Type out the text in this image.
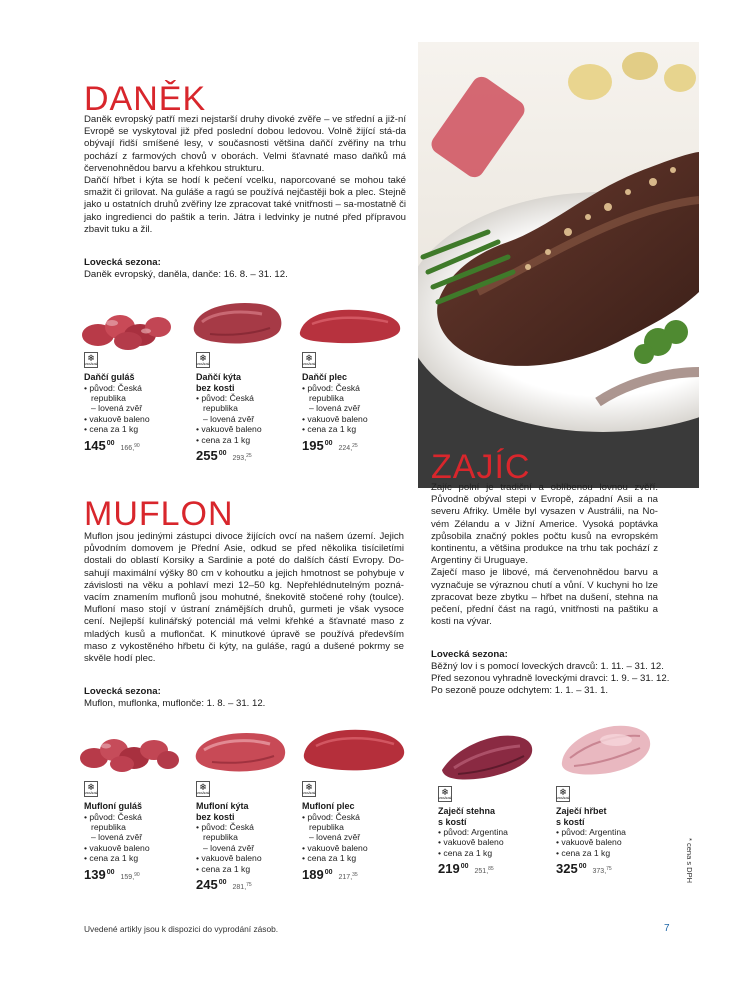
DANĚK

Daněk evropský patří mezi nejstarší druhy divoké zvěře – ve střední a již-ní Evropě se vyskytoval již před poslední dobou ledovou. Volně žijící stá-da obývají řidší smíšené lesy, v současnosti většina daňčí zvěřiny na trhu pochází z farmových chovů v oborách. Velmi šťavnaté maso daňků má červenohnědou barvu a křehkou strukturu.

Daňčí hřbet i kýta se hodí k pečení vcelku, naporcované se mohou také smažit či grilovat. Na guláše a ragú se používá nejčastěji bok a plec. Stejně jako u ostatních druhů zvěřiny lze zpracovat také vnitřnosti – sa-mostatně či jako ingredienci do paštik a terin. Játra i ledvinky je nutné před přípravou zbavit tuku a žil.

Lovecká sezona:
Daněk evropský, daněla, danče: 16. 8. – 31. 12.
❄
MRAŽENÉ
Daňčí guláš
• původ: Česká
republika
– lovená zvěř
• vakuově baleno
• cena za 1 kg
145 00
166,90
❄
MRAŽENÉ
Daňčí kýta
bez kosti
• původ: Česká
republika
– lovená zvěř
• vakuově baleno
• cena za 1 kg
255 00
293,25
❄
MRAŽENÉ
Daňčí plec
• původ: Česká
republika
– lovená zvěř
• vakuově baleno
• cena za 1 kg
195 00
224,25
MUFLON
Muflon jsou jedinými zástupci divoce žijících ovcí na našem území. Jejich původním domovem je Přední Asie, odkud se před několika tisíciletími dostali do oblastí Korsiky a Sardinie a poté do dalších částí Evropy. Do-sahují maximální výšky 80 cm v kohoutku a jejich hmotnost se pohybuje v závislosti na věku a pohlaví mezi 12–50 kg. Nepřehlédnutelným pozná-vacím znamením muflonů jsou mohutné, šnekovitě stočené rohy (toulce). Mufloní maso stojí v ústraní známějších druhů, gurmeti je však vysoce cení. Nejlepší kulinářský potenciál má velmi křehké a šťavnaté maso z mladých kusů a muflončat. K minutkové úpravě se používá především maso z vykostěného hřbetu či kýty, na guláše, ragú a dušené pokrmy se skvěle hodí plec.
Lovecká sezona:
Muflon, muflonka, muflonče: 1. 8. – 31. 12.
❄
MRAŽENÉ
Mufloní guláš
• původ: Česká
republika
– lovená zvěř
• vakuově baleno
• cena za 1 kg
139 00
159,90
❄
MRAŽENÉ
Mufloní kýta
bez kosti
• původ: Česká
republika
– lovená zvěř
• vakuově baleno
• cena za 1 kg
245 00
281,75
❄
MRAŽENÉ
Mufloní plec
• původ: Česká
republika
– lovená zvěř
• vakuově baleno
• cena za 1 kg
189 00
217,35
ZAJÍC

Zajíc polní je tradiční a oblíbenou lovnou zvěří. Původně obýval stepi v Evropě, západní Asii a na severu Afriky. Uměle byl vysazen v Austrálii, na No-vém Zélandu a v Jižní Americe. Vysoká poptávka způsobila značný pokles počtu kusů na evropském kontinentu, a většina produkce na trhu tak pochází z Argentiny či Uruguaye.

Zaječí maso je libové, má červenohnědou barvu a vyznačuje se výraznou chutí a vůní. V kuchyni ho lze zpracovat beze zbytku – hřbet na dušení, stehna na pečení, přední část na ragú, vnitřnosti na paštiku a kosti na vývar.

Lovecká sezona:
Běžný lov i s pomocí loveckých dravců: 1. 11. – 31. 12.
Před sezonou vyhradně loveckými dravci: 1. 9. – 31. 12.
Po sezoně pouze odchytem: 1. 1. – 31. 1.
❄
MRAŽENÉ
Zaječí stehna
s kostí
• původ: Argentina
• vakuově baleno
• cena za 1 kg
219 00
251,85
❄
MRAŽENÉ
Zaječí hřbet
s kostí
• původ: Argentina
• vakuově baleno
• cena za 1 kg
325 00
373,75	* cena s DPH
Uvedené artikly jsou k dispozici do vyprodání zásob.	7
